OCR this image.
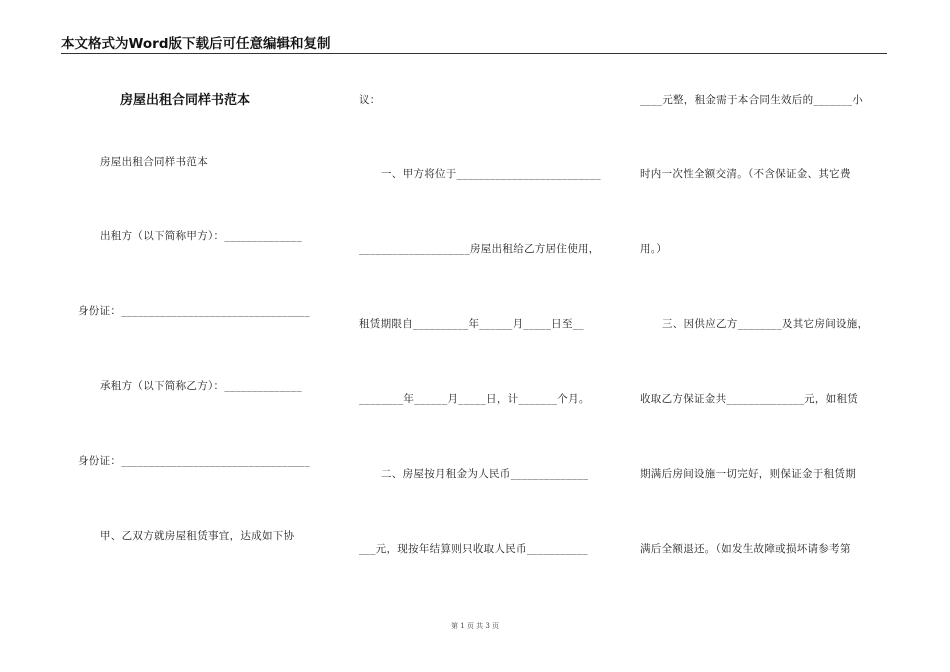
本文格式为Word版下载后可任意编辑和复制
房屋出租合同样书范本
房屋出租合同样书范本
出租方（以下简称甲方）：______________
身份证：__________________________________
承租方（以下简称乙方）：______________
身份证：__________________________________
甲、乙双方就房屋租赁事宜，达成如下协
议：
一、甲方将位于__________________________
____________________房屋出租给乙方居住使用，
租赁期限自__________年______月_____日至__
________年______月_____日，计_______个月。
二、房屋按月租金为人民币______________
___元，现按年结算则只收取人民币___________
____元整，租金需于本合同生效后的_______小
时内一次性全额交清。（不含保证金、其它费
用。）
三、因供应乙方________及其它房间设施，
收取乙方保证金共______________元，如租赁
期满后房间设施一切完好，则保证金于租赁期
满后全额退还。（如发生故障或损坏请参考第
第 1 页 共 3 页
